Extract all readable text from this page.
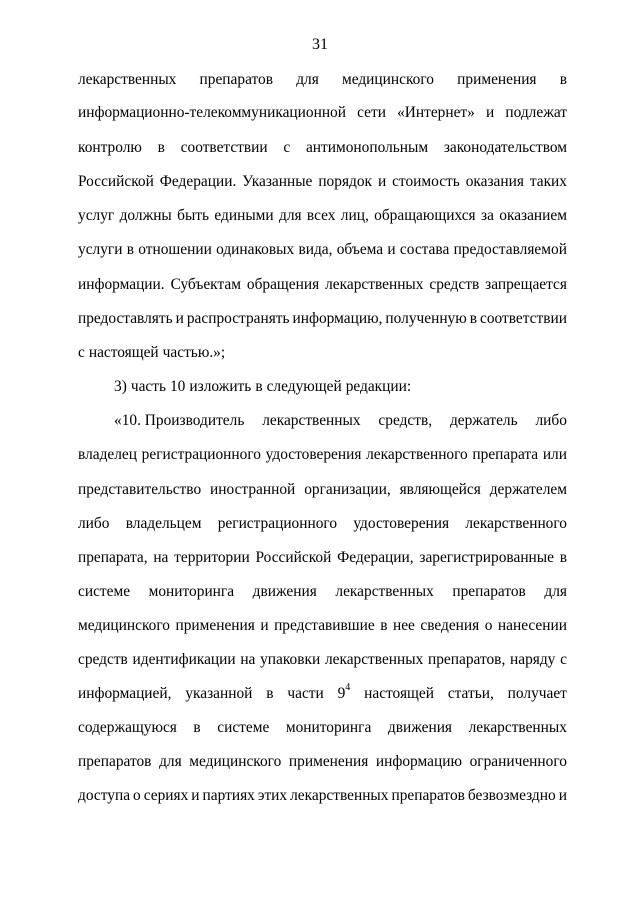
31
лекарственных препаратов для медицинского применения в
информационно-телекоммуникационной сети «Интернет» и подлежат
контролю в соответствии с антимонопольным законодательством
Российской Федерации. Указанные порядок и стоимость оказания таких
услуг должны быть едиными для всех лиц, обращающихся за оказанием
услуги в отношении одинаковых вида, объема и состава предоставляемой
информации. Субъектам обращения лекарственных средств запрещается
предоставлять и распространять информацию, полученную в соответствии
с настоящей частью.»;
3) часть 10 изложить в следующей редакции:
«10. Производитель лекарственных средств, держатель либо
владелец регистрационного удостоверения лекарственного препарата или
представительство иностранной организации, являющейся держателем
либо владельцем регистрационного удостоверения лекарственного
препарата, на территории Российской Федерации, зарегистрированные в
системе мониторинга движения лекарственных препаратов для
медицинского применения и представившие в нее сведения о нанесении
средств идентификации на упаковки лекарственных препаратов, наряду с
информацией, указанной в части $9^4$ настоящей статьи, получает
содержащуюся в системе мониторинга движения лекарственных
препаратов для медицинского применения информацию ограниченного
доступа о сериях и партиях этих лекарственных препаратов безвозмездно и
